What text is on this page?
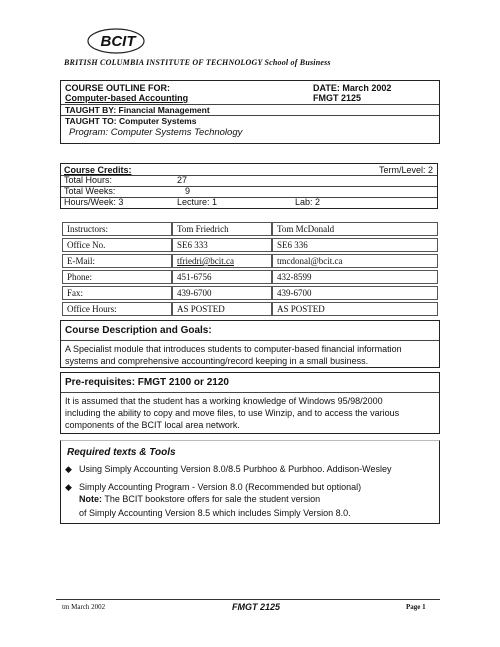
BCIT
BRITISH COLUMBIA INSTITUTE OF TECHNOLOGY School of Business
COURSE OUTLINE FOR:
Computer-based Accounting
DATE: March 2002
FMGT 2125
TAUGHT BY: Financial Management
TAUGHT TO: Computer Systems
Program: Computer Systems Technology
Course Credits:	Term/Level: 2
Total Hours:	27
Total Weeks:	9
Hours/Week: 3	Lecture: 1	Lab: 2
Instructors:	Tom Friedrich	Tom McDonald
Office No.	SE6 333	SE6 336
E-Mail:	tfriedri@bcit.ca	tmcdonal@bcit.ca
Phone:	451-6756	432-8599
Fax:	439-6700	439-6700
Office Hours:	AS POSTED	AS POSTED
Course Description and Goals:
A Specialist module that introduces students to computer-based financial information
systems and comprehensive accounting/record keeping in a small business.
Pre-requisites: FMGT 2100 or 2120
It is assumed that the student has a working knowledge of Windows 95/98/2000
including the ability to copy and move files, to use Winzip, and to access the various
components of the BCIT local area network.
Required texts & Tools
◆ Using Simply Accounting Version 8.0/8.5 Purbhoo & Purbhoo. Addison-Wesley
◆ Simply Accounting Program - Version 8.0 (Recommended but optional)
Note: The BCIT bookstore offers for sale the student version
of Simply Accounting Version 8.5 which includes Simply Version 8.0.
tm March 2002	FMGT 2125	Page 1
